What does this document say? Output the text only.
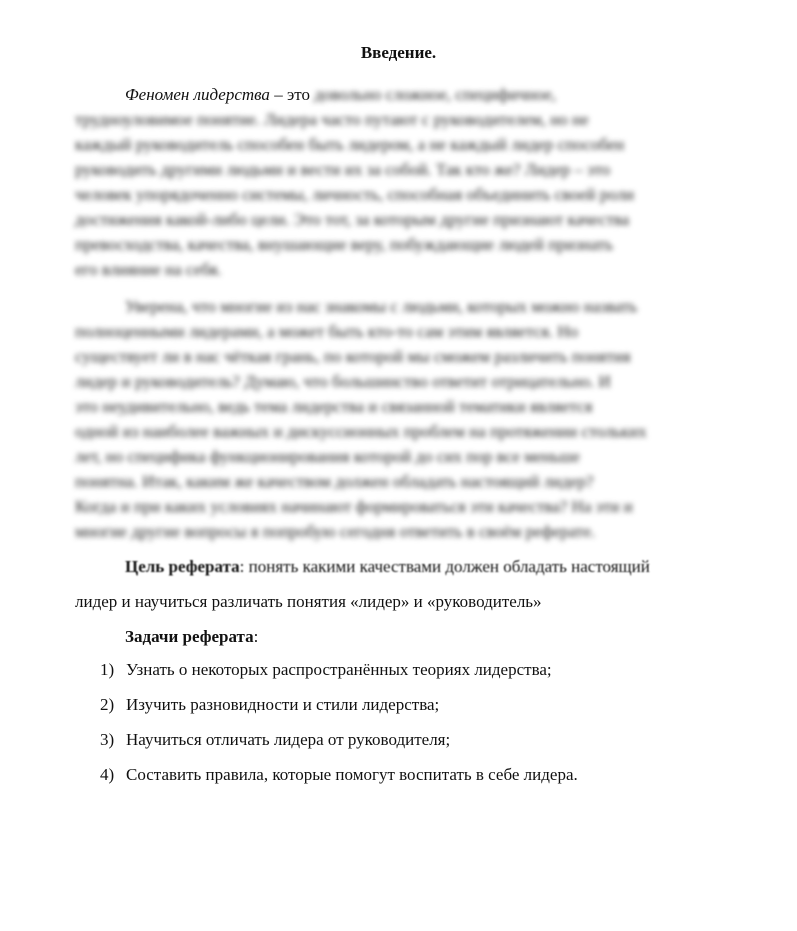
Введение.
Феномен лидерства – это довольно сложное, специфичное,
трудноуловимое понятие. Лидера часто путают с руководителем, но не
каждый руководитель способен быть лидером, а не каждый лидер способен
руководить другими людьми и вести их за собой. Так кто же? Лидер – это
человек упорядоченно системы, личность, способная объединить своей роли
достижения какой-либо цели. Это тот, за которым другие признают качества
превосходства, качества, внушающие веру, побуждающие людей признать
его влияние на себя.
Уверена, что многие из нас знакомы с людьми, которых можно назвать
полноценными лидерами, а может быть кто-то сам этим является. Но
существует ли в нас чёткая грань, по которой мы сможем различить понятия
лидер и руководитель? Думаю, что большинство ответит отрицательно. И
это неудивительно, ведь тема лидерства и связанной тематики является
одной из наиболее важных и дискуссионных проблем на протяжении стольких
лет, но специфика функционирования которой до сих пор все меньше
понятна. Итак, каким же качеством должен обладать настоящий лидер?
Когда и при каких условиях начинают формироваться эти качества? На эти и
многие другие вопросы я попробую сегодня ответить в своём реферате.
Цель реферата: понять какими качествами должен обладать настоящий
лидер и научиться различать понятия «лидер» и «руководитель»
Задачи реферата:
1) Узнать о некоторых распространённых теориях лидерства;
2) Изучить разновидности и стили лидерства;
3) Научиться отличать лидера от руководителя;
4) Составить правила, которые помогут воспитать в себе лидера.
